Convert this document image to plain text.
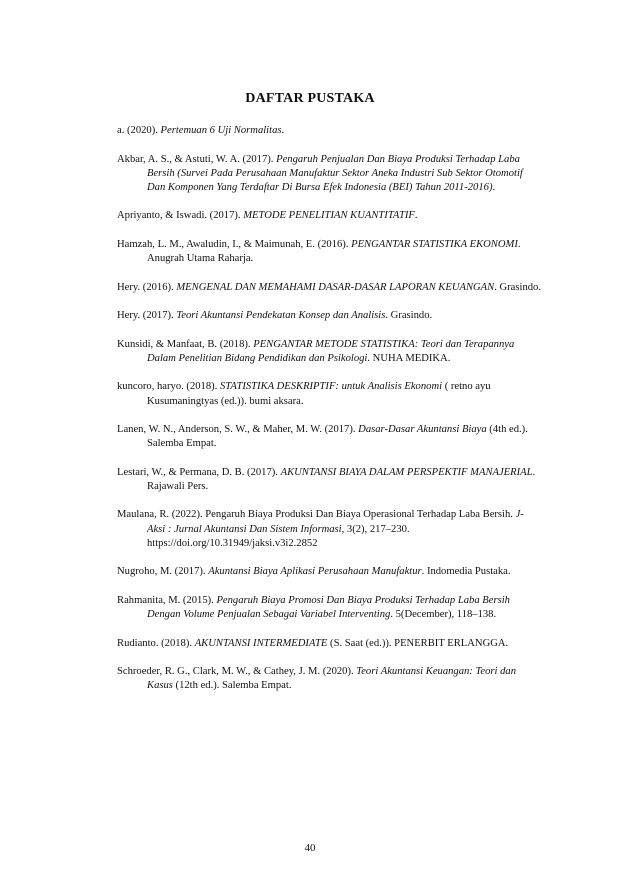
DAFTAR PUSTAKA

a. (2020). Pertemuan 6 Uji Normalitas.

Akbar, A. S., & Astuti, W. A. (2017). Pengaruh Penjualan Dan Biaya Produksi Terhadap Laba Bersih (Survei Pada Perusahaan Manufaktur Sektor Aneka Industri Sub Sektor Otomotif Dan Komponen Yang Terdaftar Di Bursa Efek Indonesia (BEI) Tahun 2011-2016).

Apriyanto, & Iswadi. (2017). METODE PENELITIAN KUANTITATIF.

Hamzah, L. M., Awaludin, I., & Maimunah, E. (2016). PENGANTAR STATISTIKA EKONOMI. Anugrah Utama Raharja.

Hery. (2016). MENGENAL DAN MEMAHAMI DASAR-DASAR LAPORAN KEUANGAN. Grasindo.

Hery. (2017). Teori Akuntansi Pendekatan Konsep dan Analisis. Grasindo.

Kunsidi, & Manfaat, B. (2018). PENGANTAR METODE STATISTIKA: Teori dan Terapannya Dalam Penelitian Bidang Pendidikan dan Psikologi. NUHA MEDIKA.

kuncoro, haryo. (2018). STATISTIKA DESKRIPTIF: untuk Analisis Ekonomi ( retno ayu Kusumaningtyas (ed.)). bumi aksara.

Lanen, W. N., Anderson, S. W., & Maher, M. W. (2017). Dasar-Dasar Akuntansi Biaya (4th ed.). Salemba Empat.

Lestari, W., & Permana, D. B. (2017). AKUNTANSI BIAYA DALAM PERSPEKTIF MANAJERIAL. Rajawali Pers.

Maulana, R. (2022). Pengaruh Biaya Produksi Dan Biaya Operasional Terhadap Laba Bersih. J-Aksi : Jurnal Akuntansi Dan Sistem Informasi, 3(2), 217–230. https://doi.org/10.31949/jaksi.v3i2.2852

Nugroho, M. (2017). Akuntansi Biaya Aplikasi Perusahaan Manufaktur. Indomedia Pustaka.

Rahmanita, M. (2015). Pengaruh Biaya Promosi Dan Biaya Produksi Terhadap Laba Bersih Dengan Volume Penjualan Sebagai Variabel Interventing. 5(December), 118–138.

Rudianto. (2018). AKUNTANSI INTERMEDIATE (S. Saat (ed.)). PENERBIT ERLANGGA.

Schroeder, R. G., Clark, M. W., & Cathey, J. M. (2020). Teori Akuntansi Keuangan: Teori dan Kasus (12th ed.). Salemba Empat.

40
